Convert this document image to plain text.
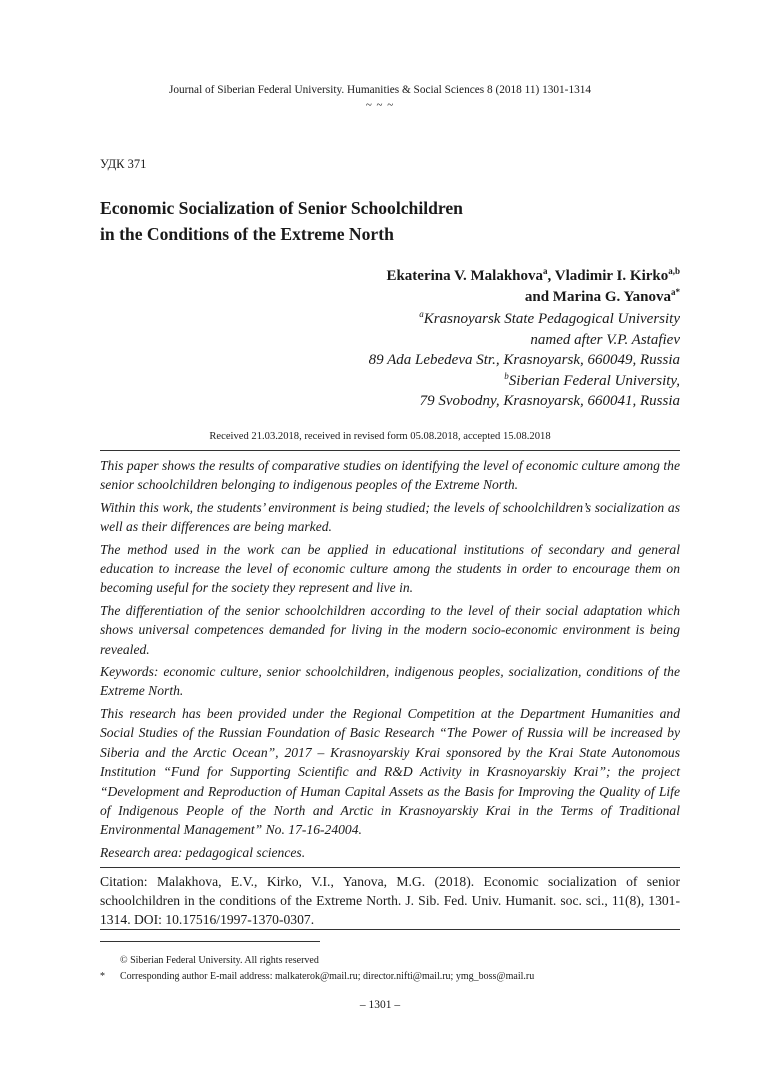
Journal of Siberian Federal University. Humanities & Social Sciences 8 (2018 11) 1301-1314
~ ~ ~
УДК 371
Economic Socialization of Senior Schoolchildren
in the Conditions of the Extreme North
Ekaterina V. Malakhova$^a$, Vladimir I. Kirko$^{a,b}$
and Marina G. Yanova$^{a*}$
$^a$Krasnoyarsk State Pedagogical University
named after V.P. Astafiev
89 Ada Lebedeva Str., Krasnoyarsk, 660049, Russia
$^b$Siberian Federal University,
79 Svobodny, Krasnoyarsk, 660041, Russia
Received 21.03.2018, received in revised form 05.08.2018, accepted 15.08.2018

This paper shows the results of comparative studies on identifying the level of economic culture among the senior schoolchildren belonging to indigenous peoples of the Extreme North.

Within this work, the students’ environment is being studied; the levels of schoolchildren’s socialization as well as their differences are being marked.

The method used in the work can be applied in educational institutions of secondary and general education to increase the level of economic culture among the students in order to encourage them on becoming useful for the society they represent and live in.

The differentiation of the senior schoolchildren according to the level of their social adaptation which shows universal competences demanded for living in the modern socio-economic environment is being revealed.

Keywords: economic culture, senior schoolchildren, indigenous peoples, socialization, conditions of the Extreme North.

This research has been provided under the Regional Competition at the Department Humanities and Social Studies of the Russian Foundation of Basic Research “The Power of Russia will be increased by Siberia and the Arctic Ocean”, 2017 – Krasnoyarskiy Krai sponsored by the Krai State Autonomous Institution “Fund for Supporting Scientific and R&D Activity in Krasnoyarskiy Krai”; the project “Development and Reproduction of Human Capital Assets as the Basis for Improving the Quality of Life of Indigenous People of the North and Arctic in Krasnoyarskiy Krai in the Terms of Traditional Environmental Management” No. 17-16-24004.

Research area: pedagogical sciences.

Citation: Malakhova, E.V., Kirko, V.I., Yanova, M.G. (2018). Economic socialization of senior schoolchildren in the conditions of the Extreme North. J. Sib. Fed. Univ. Humanit. soc. sci., 11(8), 1301-1314. DOI: 10.17516/1997-1370-0307.
© Siberian Federal University. All rights reserved
* Corresponding author E-mail address: malkaterok@mail.ru; director.nifti@mail.ru; ymg_boss@mail.ru
– 1301 –
